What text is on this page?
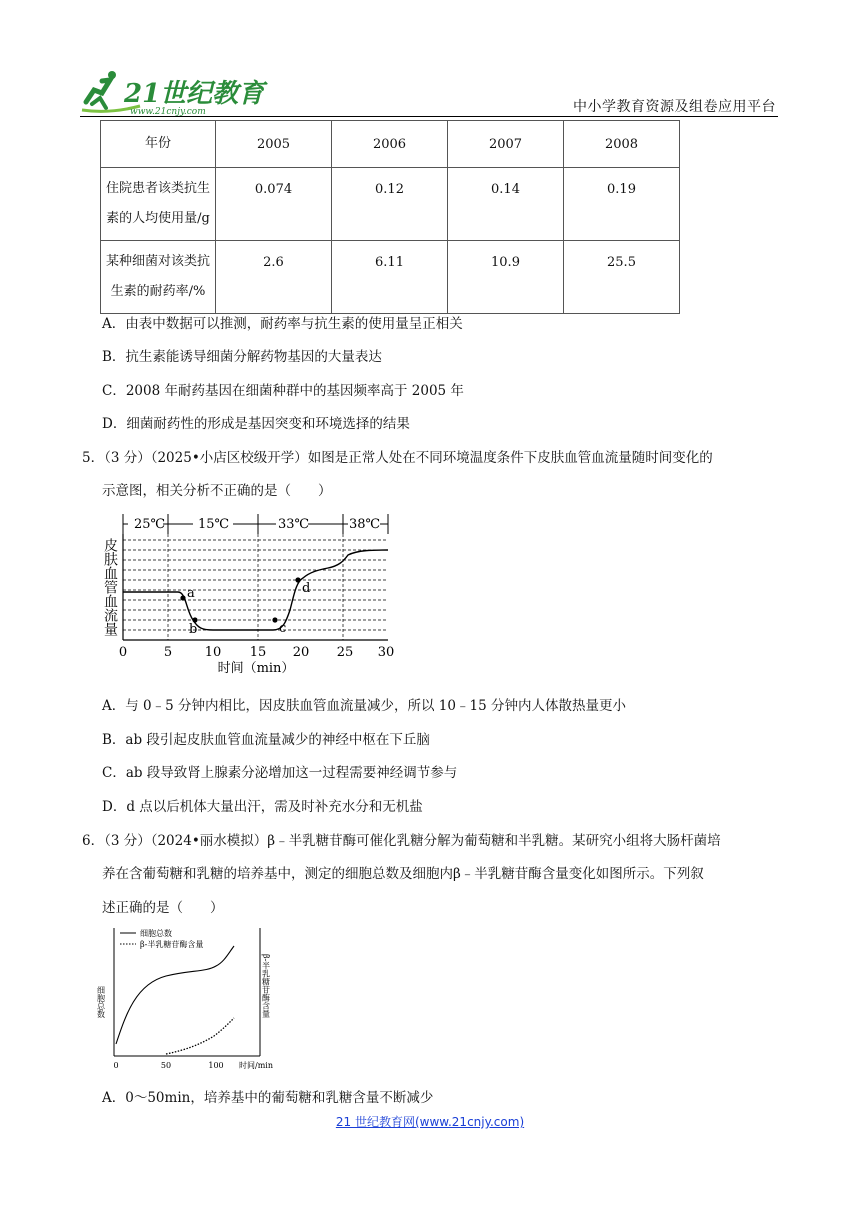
21世纪教育
www.21cnjy.com	中小学教育资源及组卷应用平台
年份	2005	2006	2007	2008
住院患者该类抗生
素的人均使用量/g	0.074	0.12	0.14	0.19
某种细菌对该类抗
生素的耐药率/%	2.6	6.11	10.9	25.5
A．由表中数据可以推测，耐药率与抗生素的使用量呈正相关
B．抗生素能诱导细菌分解药物基因的大量表达
C．2008 年耐药基因在细菌种群中的基因频率高于 2005 年
D．细菌耐药性的形成是基因突变和环境选择的结果
5．（3 分）（2025•小店区校级开学）如图是正常人处在不同环境温度条件下皮肤血管血流量随时间变化的
示意图，相关分析不正确的是（　　）
25℃	15℃	33℃	38℃
a
b	c
d
皮肤血管血流量
0	5	10 15 20 25 30
时间（min）
A．与 0﹣5 分钟内相比，因皮肤血管血流量减少，所以 10﹣15 分钟内人体散热量更小
B．ab 段引起皮肤血管血流量减少的神经中枢在下丘脑
C．ab 段导致肾上腺素分泌增加这一过程需要神经调节参与
D．d 点以后机体大量出汗，需及时补充水分和无机盐
6．（3 分）（2024•丽水模拟）β﹣半乳糖苷酶可催化乳糖分解为葡萄糖和半乳糖。某研究小组将大肠杆菌培
养在含葡萄糖和乳糖的培养基中，测定的细胞总数及细胞内β﹣半乳糖苷酶含量变化如图所示。下列叙
述正确的是（　　）
细胞总数
β-半乳糖苷酶含量
细胞总数	β-半乳糖苷酶含量
0	50	100 时间/min
A．0～50min，培养基中的葡萄糖和乳糖含量不断减少
21 世纪教育网(www.21cnjy.com)
